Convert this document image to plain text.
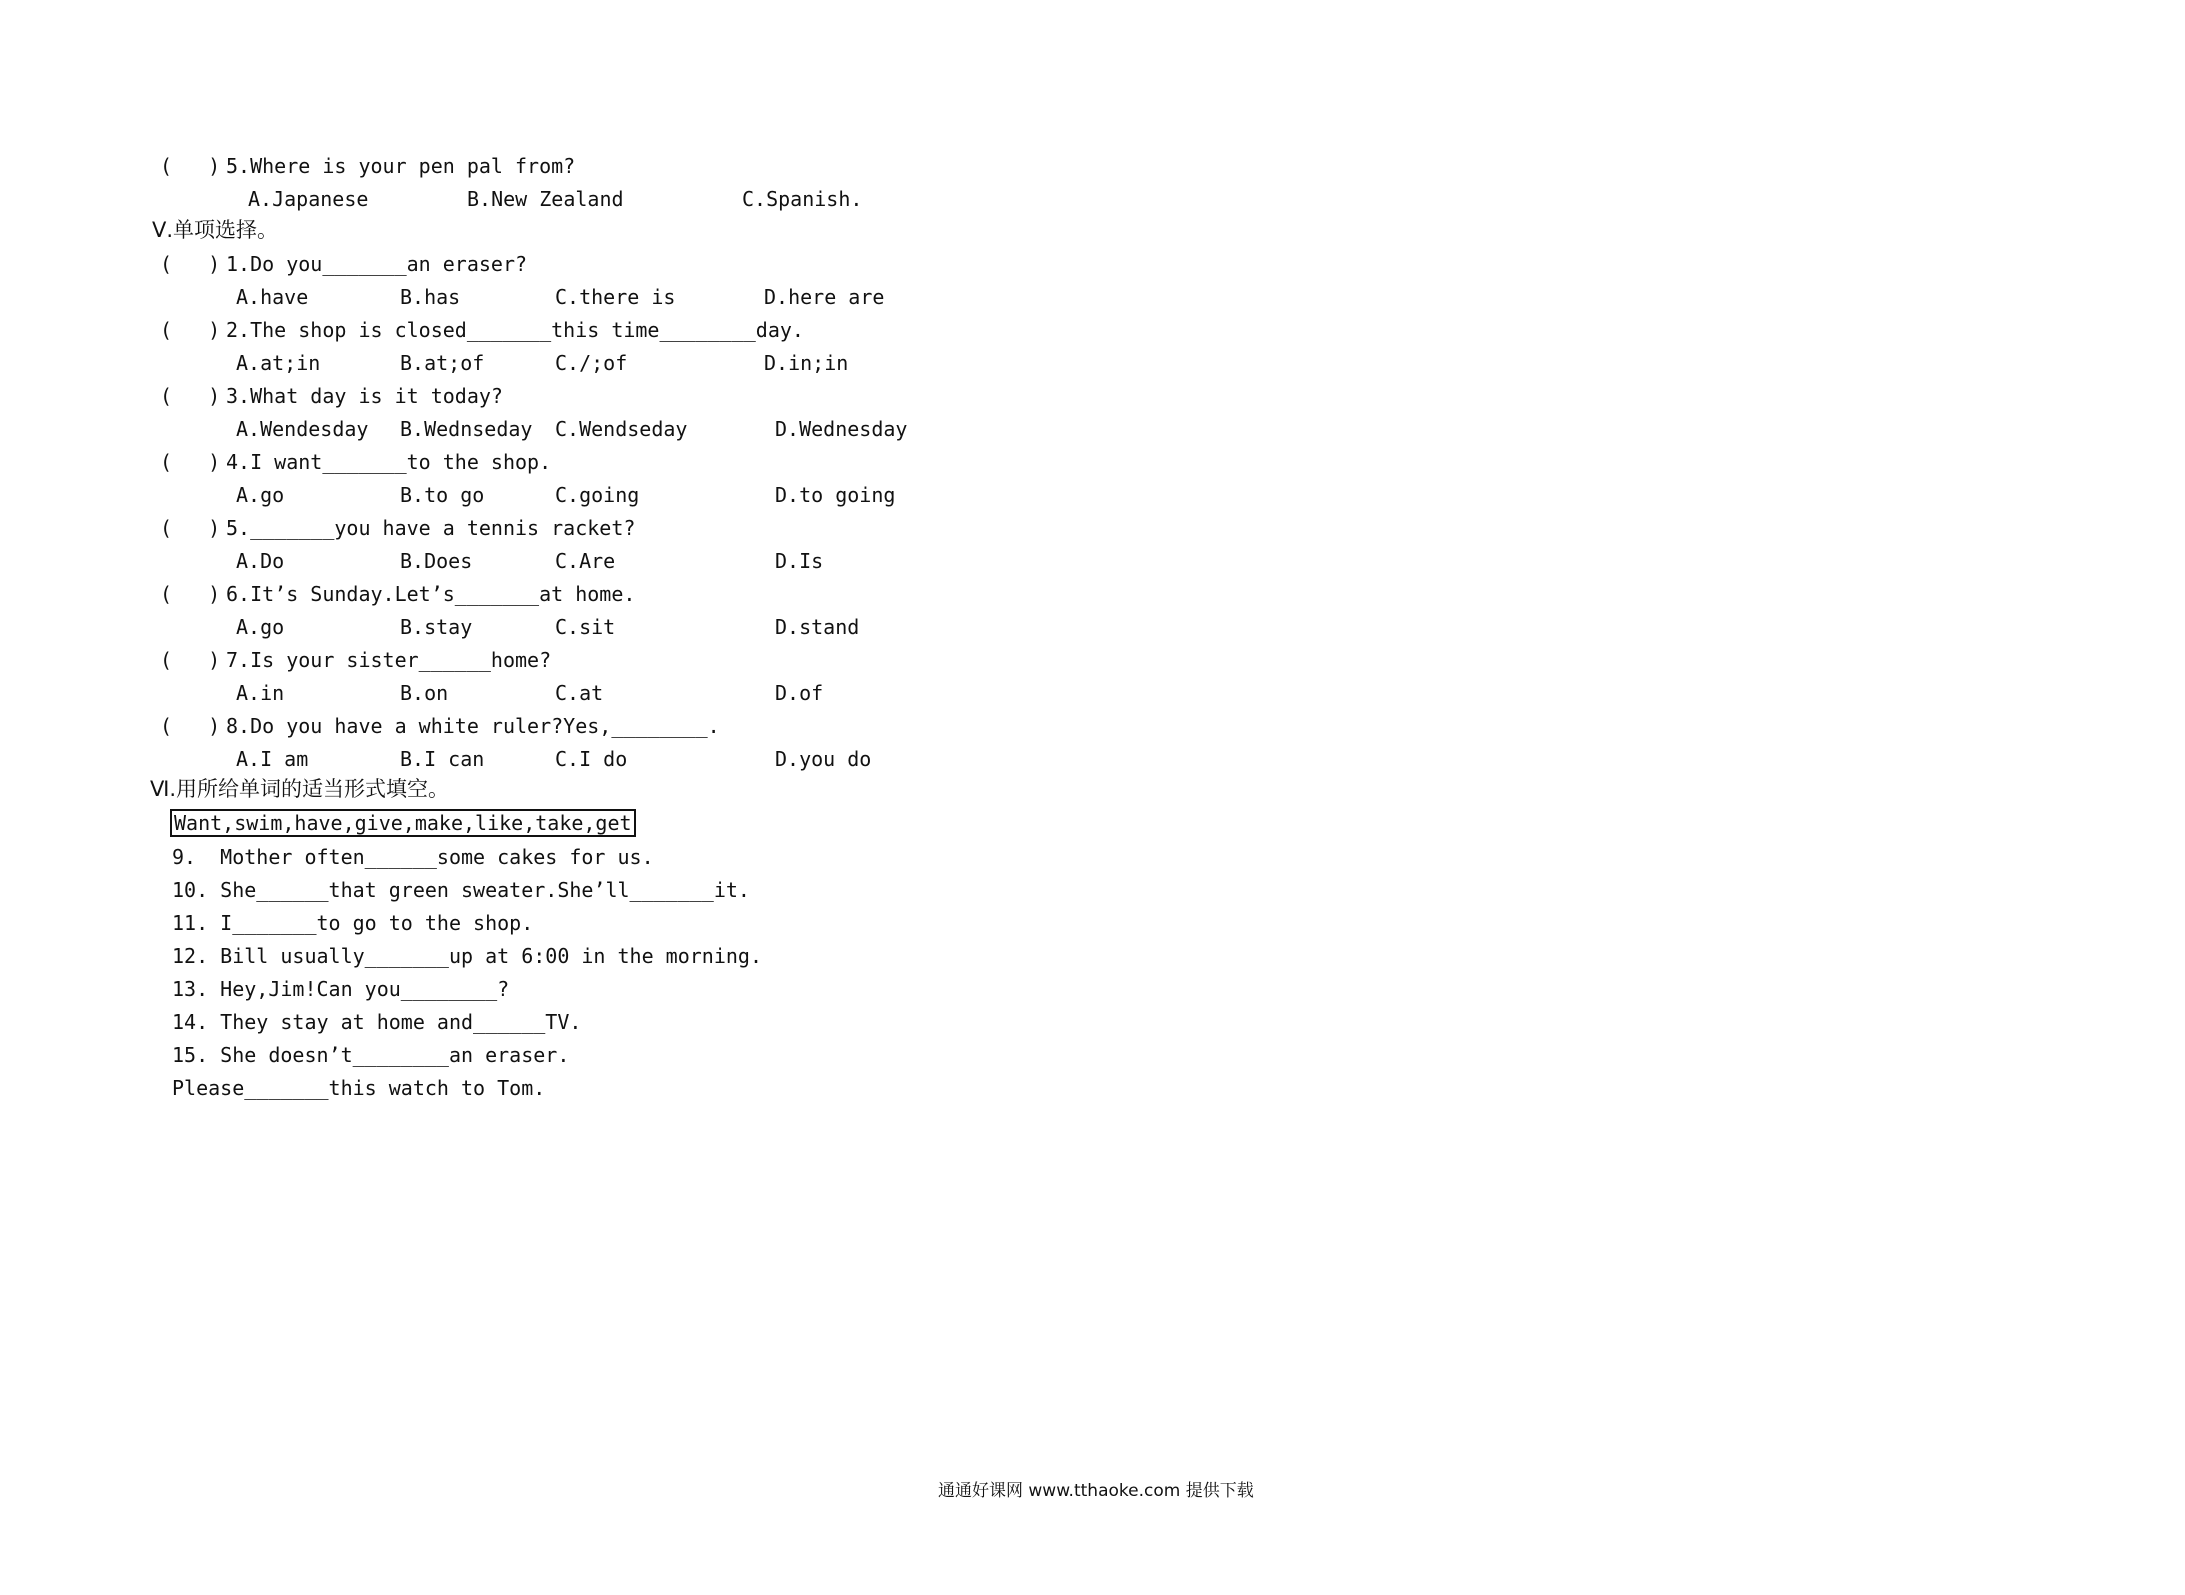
(   ) 5.Where is your pen pal from?
A.Japanese	B.New Zealand	C.Spanish.
Ⅴ.单项选择。
(   ) 1.Do you_______an eraser?
A.have	B.has	C.there is	D.here are
(   ) 2.The shop is closed_______this time________day.
A.at;in	B.at;of	C./;of	D.in;in
(   ) 3.What day is it today?
A.Wendesday B.Wednseday C.Wendseday	D.Wednesday
(   ) 4.I want_______to the shop.
A.go	B.to go	C.going	D.to going
(   ) 5._______you have a tennis racket?
A.Do	B.Does	C.Are	D.Is
(   ) 6.It’s Sunday.Let’s_______at home.
A.go	B.stay	C.sit	D.stand
(   ) 7.Is your sister______home?
A.in	B.on	C.at	D.of
(   ) 8.Do you have a white ruler?Yes,________.
A.I am	B.I can	C.I do	D.you do
Ⅵ.用所给单词的适当形式填空。
Want,swim,have,give,make,like,take,get
9.  Mother often______some cakes for us.
10. She______that green sweater.She’ll_______it.
11. I_______to go to the shop.
12. Bill usually_______up at 6:00 in the morning.
13. Hey,Jim!Can you________?
14. They stay at home and______TV.
15. She doesn’t________an eraser.
Please_______this watch to Tom.
通通好课网 www.tthaoke.com 提供下载
